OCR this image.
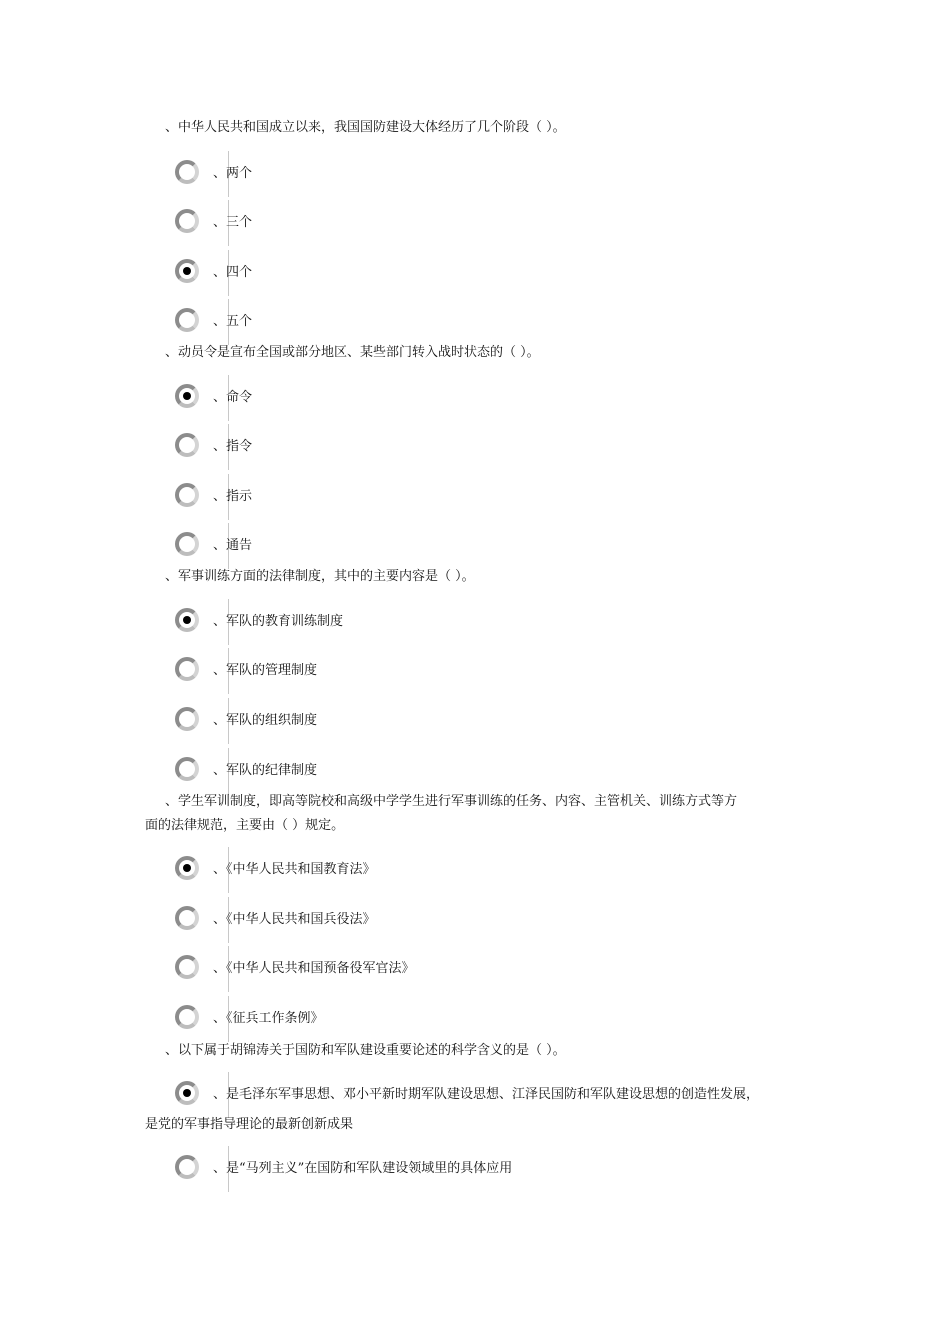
、中华人民共和国成立以来，我国国防建设大体经历了几个阶段（ ）。
、两个
、三个
、四个
、五个
、动员令是宣布全国或部分地区、某些部门转入战时状态的（ ）。
、命令
、指令
、指示
、通告
、军事训练方面的法律制度，其中的主要内容是（ ）。
、军队的教育训练制度
、军队的管理制度
、军队的组织制度
、军队的纪律制度
、学生军训制度，即高等院校和高级中学学生进行军事训练的任务、内容、主管机关、训练方式等方
面的法律规范，主要由（ ）规定。
、《中华人民共和国教育法》
、《中华人民共和国兵役法》
、《中华人民共和国预备役军官法》
、《征兵工作条例》
、以下属于胡锦涛关于国防和军队建设重要论述的科学含义的是（ ）。
、是毛泽东军事思想、邓小平新时期军队建设思想、江泽民国防和军队建设思想的创造性发展，
是党的军事指导理论的最新创新成果
、是“马列主义”在国防和军队建设领域里的具体应用
